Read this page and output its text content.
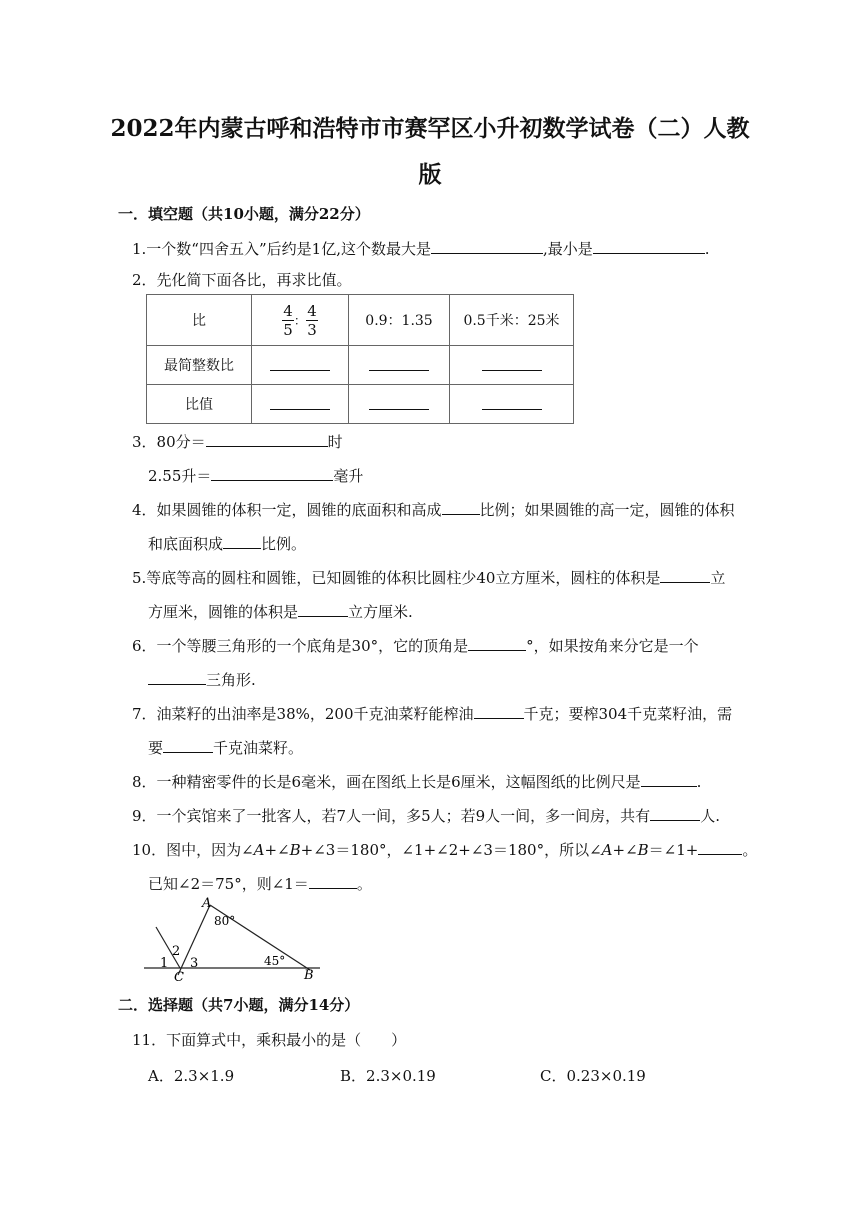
2022年内蒙古呼和浩特市市赛罕区小升初数学试卷（二）人教版
一．填空题（共10小题，满分22分）
1.一个数“四舍五入”后约是1亿,这个数最大是	,最小是	.
2．先化简下面各比，再求比值。
比	$\frac{4}{5}$ ： $\frac{4}{3}$	0.9：1.35	0.5千米：25米
最简整数比			
比值			
3．80分＝	时
2.55升＝	毫升
4．如果圆锥的体积一定，圆锥的底面积和高成	比例；如果圆锥的高一定，圆锥的体积
和底面积成	比例。
5.等底等高的圆柱和圆锥，已知圆锥的体积比圆柱少40立方厘米，圆柱的体积是	立
方厘米，圆锥的体积是	立方厘米.
6．一个等腰三角形的一个底角是30°，它的顶角是	°，如果按角来分它是一个
三角形.
7．油菜籽的出油率是38%，200千克油菜籽能榨油	千克；要榨304千克菜籽油，需
要	千克油菜籽。
8．一种精密零件的长是6毫米，画在图纸上长是6厘米，这幅图纸的比例尺是	.
9．一个宾馆来了一批客人，若7人一间，多5人；若9人一间，多一间房，共有	人.
10．图中，因为∠A+∠B+∠3＝180°，∠1+∠2+∠3＝180°，所以∠A+∠B＝∠1+	。
已知∠2＝75°，则∠1＝	。
A
80°
B
45°
C
1
2
3
二．选择题（共7小题，满分14分）
11．下面算式中，乘积最小的是（　　）
A．2.3×1.9	B．2.3×0.19	C．0.23×0.19
